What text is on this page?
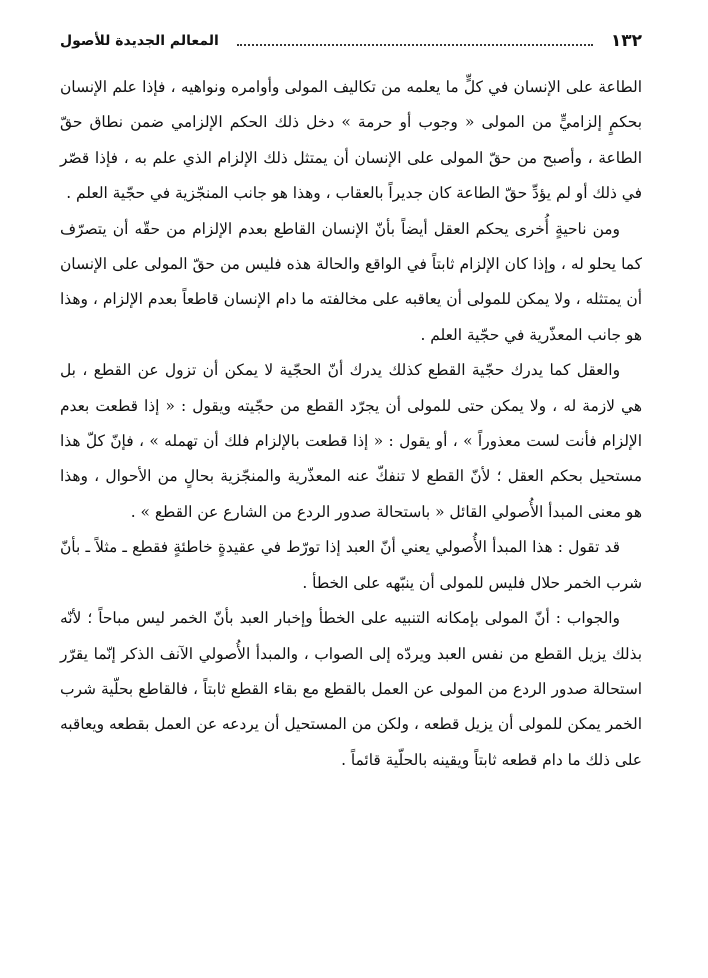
١٣٢
المعالم الجديدة للأصول

الطاعة على الإنسان في كلٍّ ما يعلمه من تكاليف المولى وأوامره ونواهيه ، فإذا علم الإنسان بحكمٍ إلزاميٍّ من المولى « وجوب أو حرمة » دخل ذلك الحكم الإلزامي ضمن نطاق حقّ الطاعة ، وأصبح من حقّ المولى على الإنسان أن يمتثل ذلك الإلزام الذي علم به ، فإذا قصّر في ذلك أو لم يؤدِّ حقّ الطاعة كان جديراً بالعقاب ، وهذا هو جانب المنجّزية في حجّية العلم .

ومن ناحيةٍ أُخرى يحكم العقل أيضاً بأنّ الإنسان القاطع بعدم الإلزام من حقّه أن يتصرّف كما يحلو له ، وإذا كان الإلزام ثابتاً في الواقع والحالة هذه فليس من حقّ المولى على الإنسان أن يمتثله ، ولا يمكن للمولى أن يعاقبه على مخالفته ما دام الإنسان قاطعاً بعدم الإلزام ، وهذا هو جانب المعذّرية في حجّية العلم .

والعقل كما يدرك حجّية القطع كذلك يدرك أنّ الحجّية لا يمكن أن تزول عن القطع ، بل هي لازمة له ، ولا يمكن حتى للمولى أن يجرّد القطع من حجّيته ويقول : « إذا قطعت بعدم الإلزام فأنت لست معذوراً » ، أو يقول : « إذا قطعت بالإلزام فلك أن تهمله » ، فإنّ كلّ هذا مستحيل بحكم العقل ؛ لأنّ القطع لا تنفكّ عنه المعذّرية والمنجّزية بحالٍ من الأحوال ، وهذا هو معنى المبدأ الأُصولي القائل « باستحالة صدور الردع من الشارع عن القطع » .

قد تقول : هذا المبدأ الأُصولي يعني أنّ العبد إذا تورّط في عقيدةٍ خاطئةٍ فقطع ـ مثلاً ـ بأنّ شرب الخمر حلال فليس للمولى أن ينبّهه على الخطأ .

والجواب : أنّ المولى بإمكانه التنبيه على الخطأ وإخبار العبد بأنّ الخمر ليس مباحاً ؛ لأنّه بذلك يزيل القطع من نفس العبد ويردّه إلى الصواب ، والمبدأ الأُصولي الآنف الذكر إنّما يقرّر استحالة صدور الردع من المولى عن العمل بالقطع مع بقاء القطع ثابتاً ، فالقاطع بحلّية شرب الخمر يمكن للمولى أن يزيل قطعه ، ولكن من المستحيل أن يردعه عن العمل بقطعه ويعاقبه على ذلك ما دام قطعه ثابتاً ويقينه بالحلّية قائماً .
